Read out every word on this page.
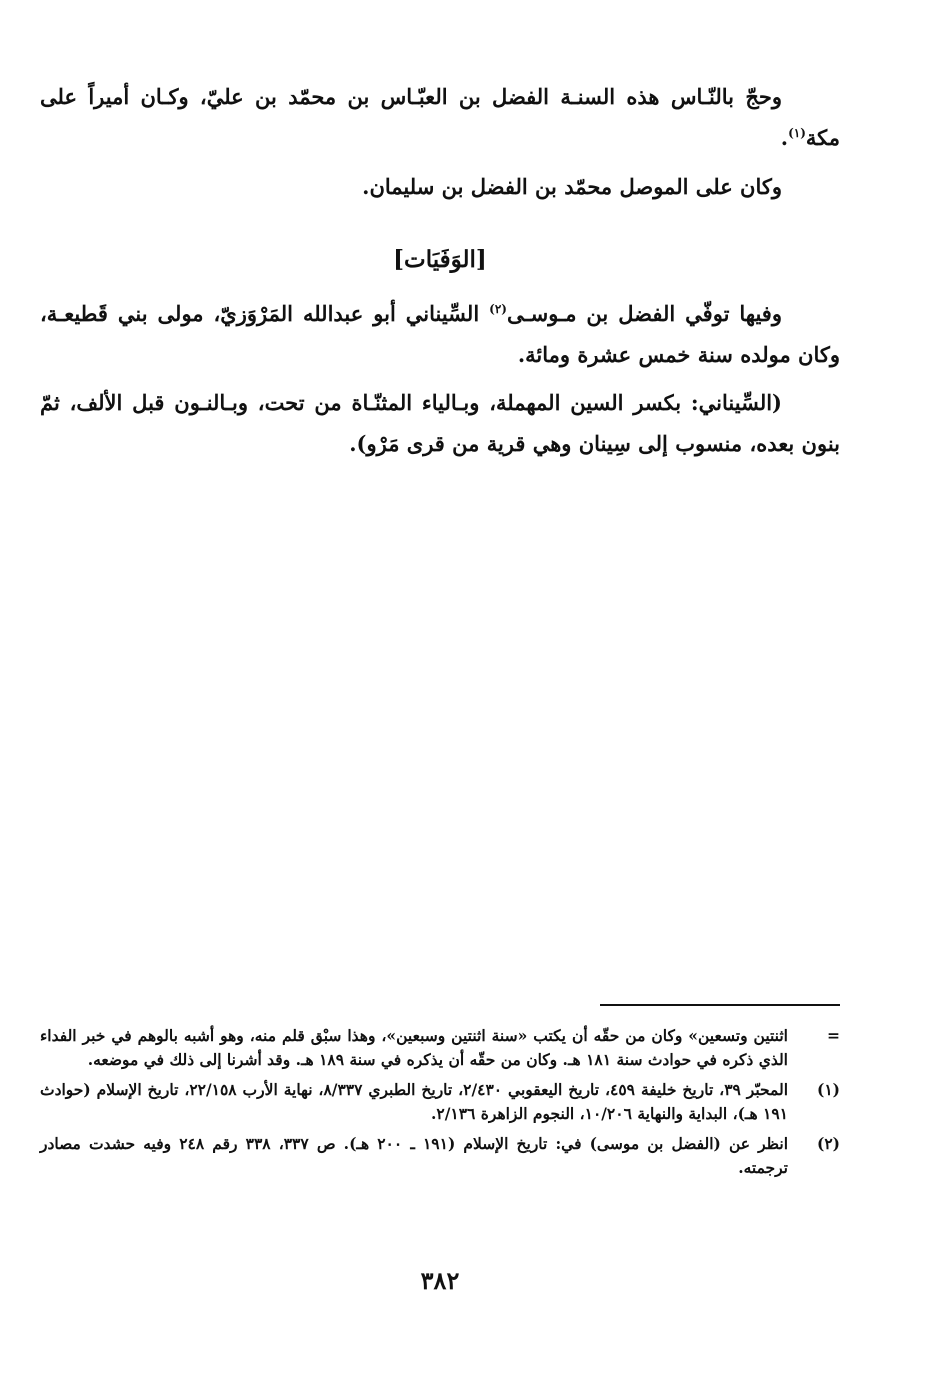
وحجّ بالنّـاس هذه السنـة الفضل بن العبّـاس بن محمّد بن عليّ، وكـان أميراً على مكة$^{(١)}$.

وكان على الموصل محمّد بن الفضل بن سليمان.

[الوَفَيَات]

وفيها توفّي الفضل بن مـوسـى$^{(٢)}$ السِّيناني أبو عبدالله المَرْوَزيّ، مولى بني قَطيعـة، وكان مولده سنة خمس عشرة ومائة.

(السِّيناني: بكسر السين المهملة، وبـالياء المثنّـاة من تحت، وبـالنـون قبل الألف، ثمّ بنون بعده، منسوب إلى سِينان وهي قرية من قرى مَرْو).

=
اثنتين وتسعين» وكان من حقّه أن يكتب «سنة اثنتين وسبعين»، وهذا سبْق قلم منه، وهو أشبه بالوهم في خبر الفداء الذي ذكره في حوادث سنة ١٨١ هـ. وكان من حقّه أن يذكره في سنة ١٨٩ هـ. وقد أشرنا إلى ذلك في موضعه.
(١)
المحبّر ٣٩، تاريخ خليفة ٤٥٩، تاريخ اليعقوبي ٢/٤٣٠، تاريخ الطبري ٨/٣٣٧، نهاية الأرب ٢٢/١٥٨، تاريخ الإسلام (حوادث ١٩١ هـ)، البداية والنهاية ١٠/٢٠٦، النجوم الزاهرة ٢/١٣٦.
(٢)
انظر عن (الفضل بن موسى) في: تاريخ الإسلام (١٩١ ـ ٢٠٠ هـ). ص ٣٣٧، ٣٣٨ رقم ٢٤٨ وفيه حشدت مصادر ترجمته.
٣٨٢
